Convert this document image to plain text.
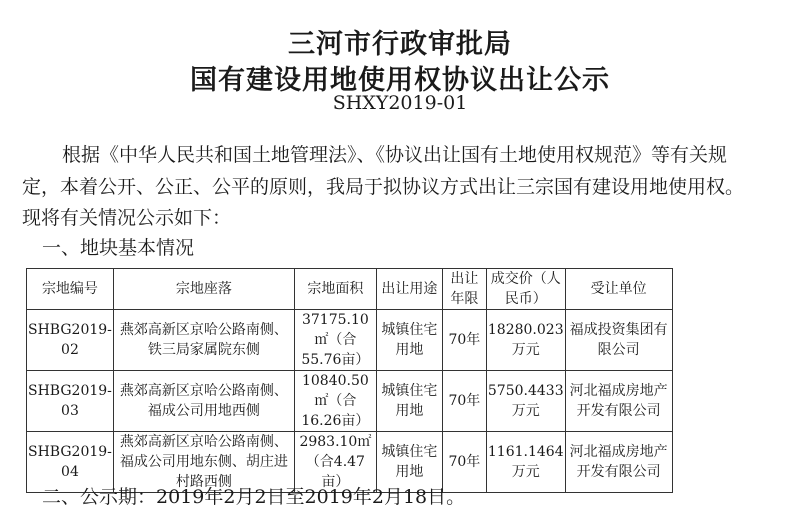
三河市行政审批局
国有建设用地使用权协议出让公示
SHXY2019-01
根据《中华人民共和国土地管理法》、《协议出让国有土地使用权规范》等有关规
定，本着公开、公正、公平的原则，我局于拟协议方式出让三宗国有建设用地使用权。
现将有关情况公示如下：
一、地块基本情况
宗地编号	宗地座落	宗地面积	出让用途	出让年限	成交价（人民币）	受让单位
SHBG2019-02	燕郊高新区京哈公路南侧、铁三局家属院东侧	37175.10㎡（合55.76亩）	城镇住宅用地	70年	18280.023万元	福成投资集团有限公司
SHBG2019-03	燕郊高新区京哈公路南侧、福成公司用地西侧	10840.50㎡（合16.26亩）	城镇住宅用地	70年	5750.4433万元	河北福成房地产开发有限公司
SHBG2019-04	燕郊高新区京哈公路南侧、福成公司用地东侧、胡庄进村路西侧	2983.10㎡（合4.47亩）	城镇住宅用地	70年	1161.1464万元	河北福成房地产开发有限公司
二、公示期：2019年2月2日至2019年2月18日。
